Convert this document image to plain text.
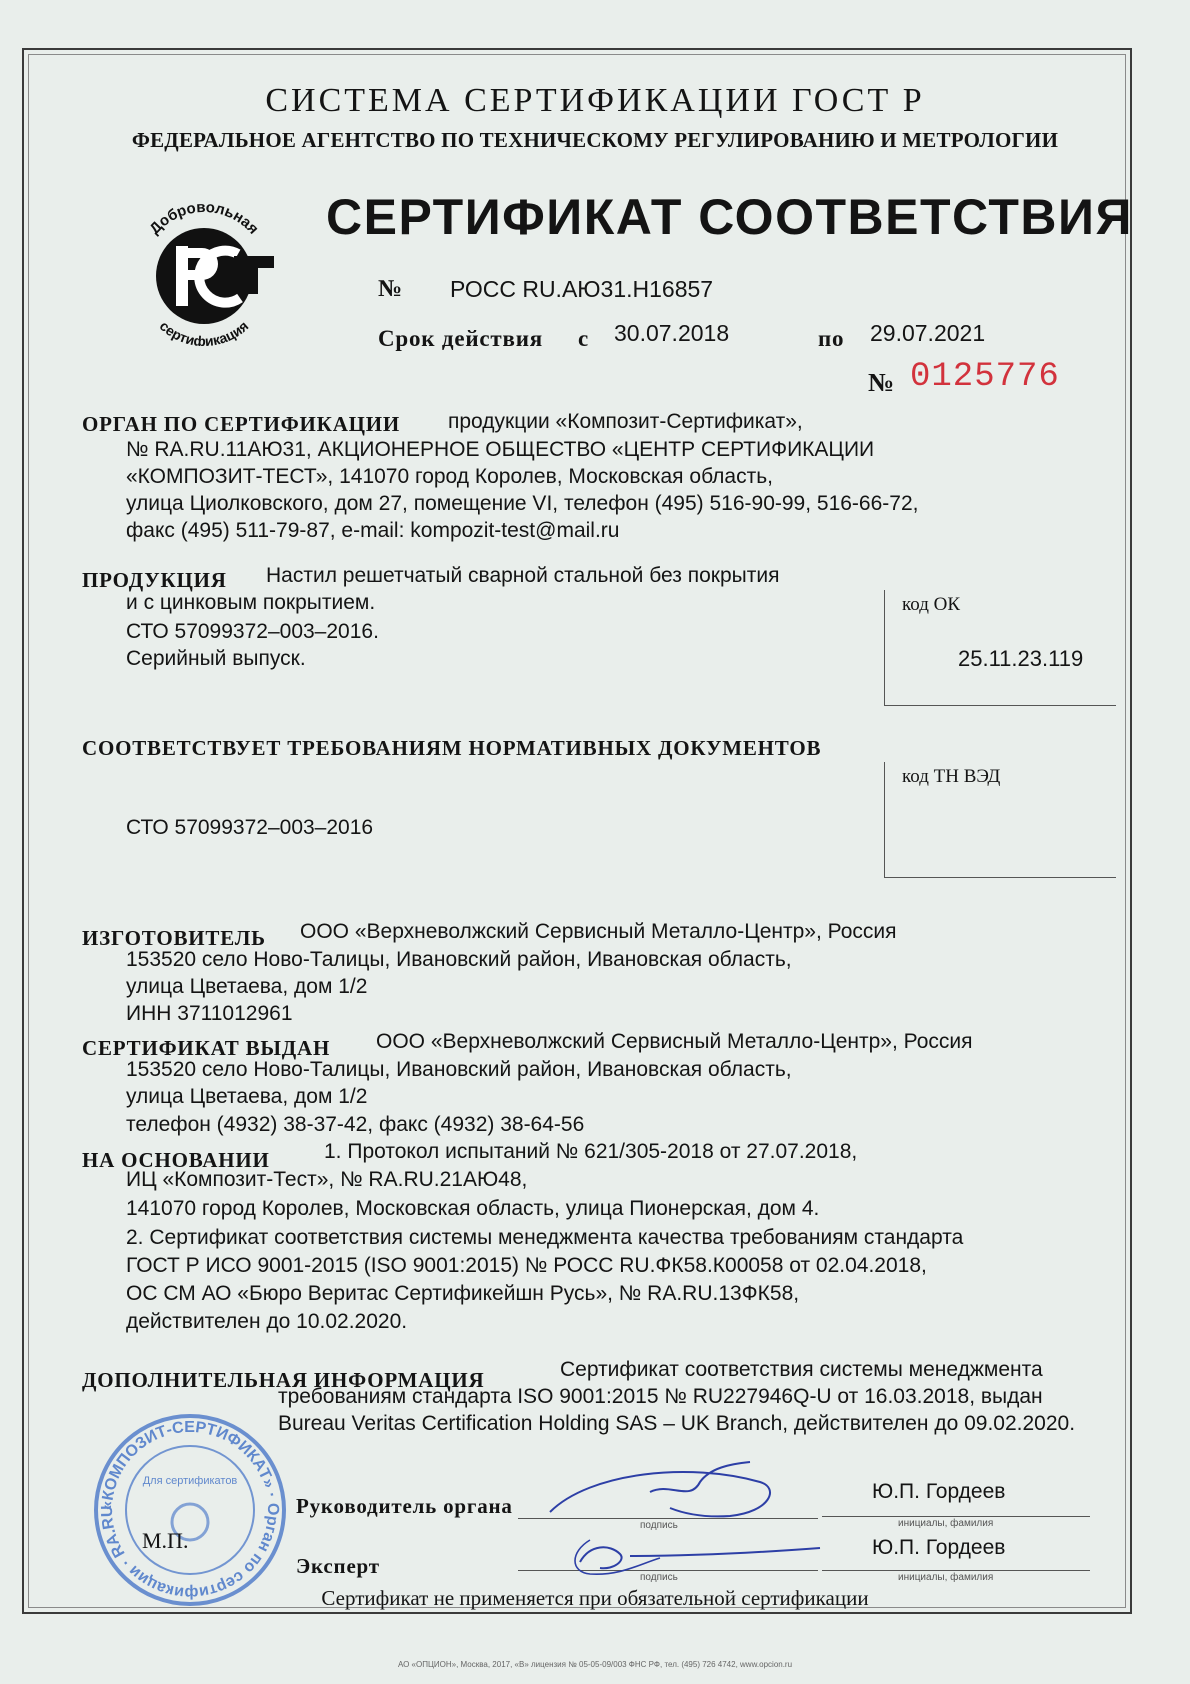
СИСТЕМА СЕРТИФИКАЦИИ ГОСТ Р
ФЕДЕРАЛЬНОЕ АГЕНТСТВО ПО ТЕХНИЧЕСКОМУ РЕГУЛИРОВАНИЮ И МЕТРОЛОГИИ
Добровольная
сертификация
СЕРТИФИКАТ СООТВЕТСТВИЯ
№ РОСС RU.АЮ31.Н16857
Срок действия с 30.07.2018	по 29.07.2021
№ 0125776
ОРГАН ПО СЕРТИФИКАЦИИ продукции «Композит-Сертификат»,
№ RA.RU.11АЮ31, АКЦИОНЕРНОЕ ОБЩЕСТВО «ЦЕНТР СЕРТИФИКАЦИИ
«КОМПОЗИТ-ТЕСТ», 141070 город Королев, Московская область,
улица Циолковского, дом 27, помещение VI, телефон (495) 516-90-99, 516-66-72,
факс (495) 511-79-87, e-mail: kompozit-test@mail.ru
ПРОДУКЦИЯ Настил решетчатый сварной стальной без покрытия
и с цинковым покрытием.
СТО 57099372–003–2016.
Серийный выпуск.
код ОК
25.11.23.119
СООТВЕТСТВУЕТ ТРЕБОВАНИЯМ НОРМАТИВНЫХ ДОКУМЕНТОВ
код ТН ВЭД
СТО 57099372–003–2016
ИЗГОТОВИТЕЛЬ ООО «Верхневолжский Сервисный Металло-Центр», Россия
153520 село Ново-Талицы, Ивановский район, Ивановская область,
улица Цветаева, дом 1/2
ИНН 3711012961
СЕРТИФИКАТ ВЫДАН ООО «Верхневолжский Сервисный Металло-Центр», Россия
153520 село Ново-Талицы, Ивановский район, Ивановская область,
улица Цветаева, дом 1/2
телефон (4932) 38-37-42, факс (4932) 38-64-56
НА ОСНОВАНИИ	1. Протокол испытаний № 621/305-2018 от 27.07.2018,
ИЦ «Композит-Тест», № RA.RU.21АЮ48,
141070 город Королев, Московская область, улица Пионерская, дом 4.
2. Сертификат соответствия системы менеджмента качества требованиям стандарта
ГОСТ Р ИСО 9001-2015 (ISO 9001:2015) № РОСС RU.ФК58.К00058 от 02.04.2018,
ОС СМ АО «Бюро Веритас Сертификейшн Русь», № RA.RU.13ФК58,
действителен до 10.02.2020.
ДОПОЛНИТЕЛЬНАЯ ИНФОРМАЦИЯ	Сертификат соответствия системы менеджмента
требованиям стандарта ISO 9001:2015 № RU227946Q-U от 16.03.2018, выдан
Bureau Veritas Certification Holding SAS – UK Branch, действителен до 09.02.2020.
«КОМПОЗИТ-СЕРТИФИКАТ» · Орган по сертификации · RA.RU
Для сертификатов
М.П.
Руководитель органа
подпись
Ю.П. Гордеев
инициалы, фамилия
Эксперт	подпись
Ю.П. Гордеев
инициалы, фамилия
Сертификат не применяется при обязательной сертификации
АО «ОПЦИОН», Москва, 2017, «В» лицензия № 05-05-09/003 ФНС РФ, тел. (495) 726 4742, www.opcion.ru
